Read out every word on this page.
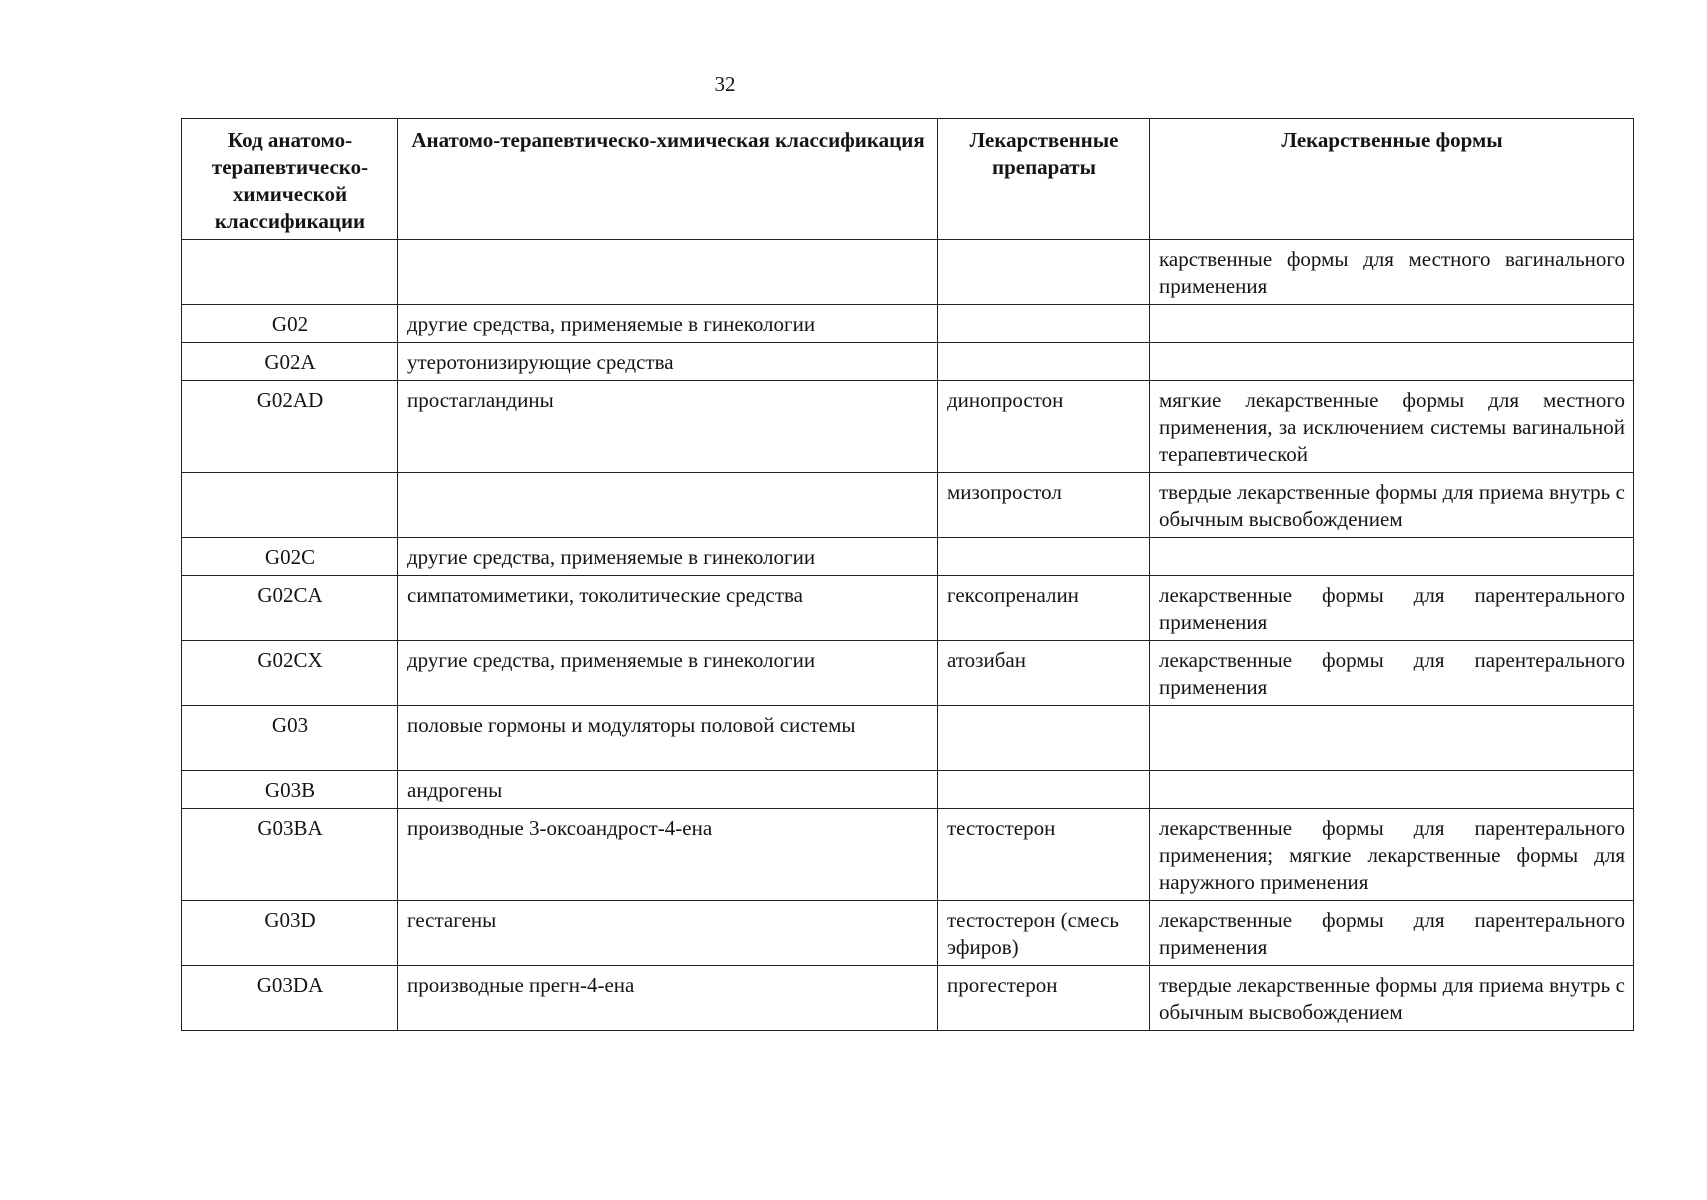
32
Код анатомо-терапевтическо-химической классификации	Анатомо-терапевтическо-химическая классификация	Лекарственные препараты	Лекарственные формы
			карственные формы для местного вагинального применения
G02	другие средства, применяемые в гинекологии		
G02A	утеротонизирующие средства		
G02AD	простагландины	динопростон	мягкие лекарственные формы для местного применения, за исключением системы вагинальной терапевтической
		мизопростол	твердые лекарственные формы для приема внутрь с обычным высвобождением
G02C	другие средства, применяемые в гинекологии		
G02CA	симпатомиметики, токолитические средства	гексопреналин	лекарственные формы для парентерального применения
G02CX	другие средства, применяемые в гинекологии	атозибан	лекарственные формы для парентерального применения
G03	половые гормоны и модуляторы половой системы		
G03B	андрогены		
G03BA	производные 3-оксоандрост-4-ена	тестостерон	лекарственные формы для парентерального применения; мягкие лекарственные формы для наружного применения
G03D	гестагены	тестостерон (смесь эфиров)	лекарственные формы для парентерального применения
G03DA	производные прегн-4-ена	прогестерон	твердые лекарственные формы для приема внутрь с обычным высвобождением
